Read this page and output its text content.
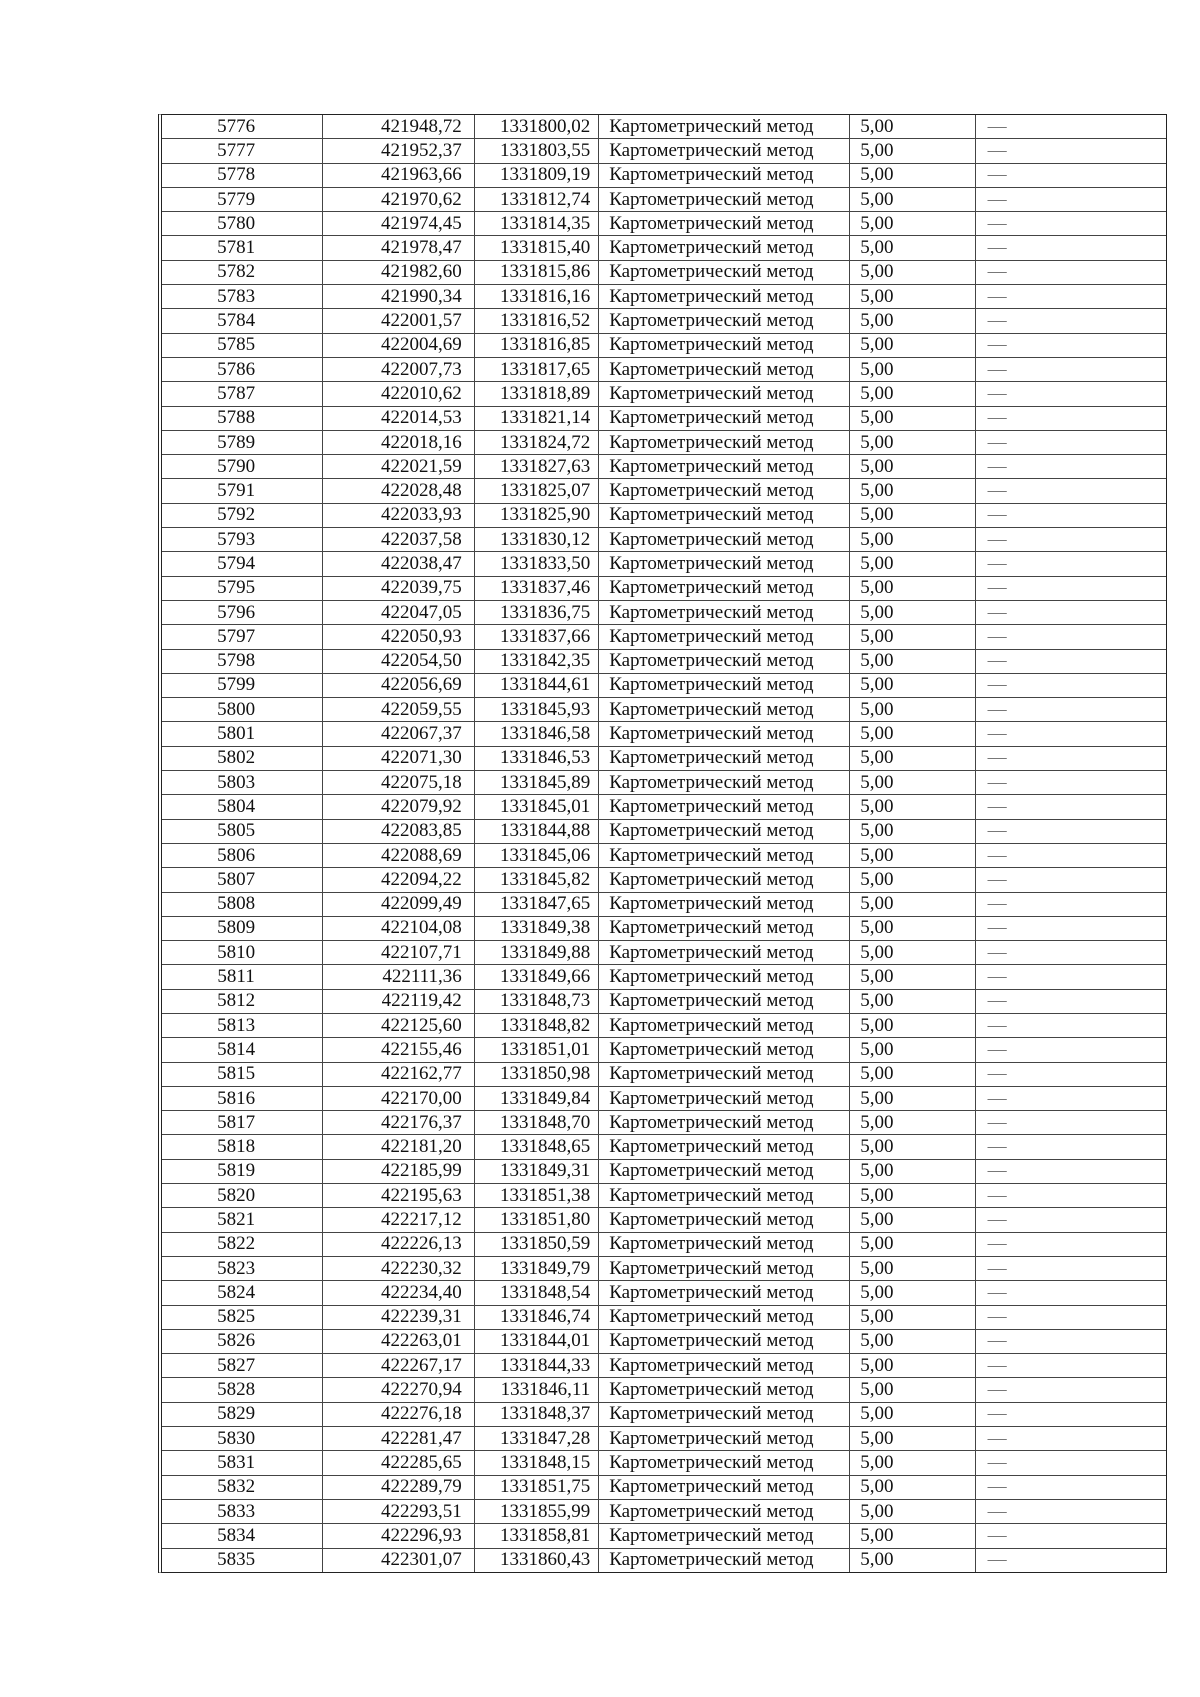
5776	421948,72	1331800,02	Картометрический метод	5,00	—
5777	421952,37	1331803,55	Картометрический метод	5,00	—
5778	421963,66	1331809,19	Картометрический метод	5,00	—
5779	421970,62	1331812,74	Картометрический метод	5,00	—
5780	421974,45	1331814,35	Картометрический метод	5,00	—
5781	421978,47	1331815,40	Картометрический метод	5,00	—
5782	421982,60	1331815,86	Картометрический метод	5,00	—
5783	421990,34	1331816,16	Картометрический метод	5,00	—
5784	422001,57	1331816,52	Картометрический метод	5,00	—
5785	422004,69	1331816,85	Картометрический метод	5,00	—
5786	422007,73	1331817,65	Картометрический метод	5,00	—
5787	422010,62	1331818,89	Картометрический метод	5,00	—
5788	422014,53	1331821,14	Картометрический метод	5,00	—
5789	422018,16	1331824,72	Картометрический метод	5,00	—
5790	422021,59	1331827,63	Картометрический метод	5,00	—
5791	422028,48	1331825,07	Картометрический метод	5,00	—
5792	422033,93	1331825,90	Картометрический метод	5,00	—
5793	422037,58	1331830,12	Картометрический метод	5,00	—
5794	422038,47	1331833,50	Картометрический метод	5,00	—
5795	422039,75	1331837,46	Картометрический метод	5,00	—
5796	422047,05	1331836,75	Картометрический метод	5,00	—
5797	422050,93	1331837,66	Картометрический метод	5,00	—
5798	422054,50	1331842,35	Картометрический метод	5,00	—
5799	422056,69	1331844,61	Картометрический метод	5,00	—
5800	422059,55	1331845,93	Картометрический метод	5,00	—
5801	422067,37	1331846,58	Картометрический метод	5,00	—
5802	422071,30	1331846,53	Картометрический метод	5,00	—
5803	422075,18	1331845,89	Картометрический метод	5,00	—
5804	422079,92	1331845,01	Картометрический метод	5,00	—
5805	422083,85	1331844,88	Картометрический метод	5,00	—
5806	422088,69	1331845,06	Картометрический метод	5,00	—
5807	422094,22	1331845,82	Картометрический метод	5,00	—
5808	422099,49	1331847,65	Картометрический метод	5,00	—
5809	422104,08	1331849,38	Картометрический метод	5,00	—
5810	422107,71	1331849,88	Картометрический метод	5,00	—
5811	422111,36	1331849,66	Картометрический метод	5,00	—
5812	422119,42	1331848,73	Картометрический метод	5,00	—
5813	422125,60	1331848,82	Картометрический метод	5,00	—
5814	422155,46	1331851,01	Картометрический метод	5,00	—
5815	422162,77	1331850,98	Картометрический метод	5,00	—
5816	422170,00	1331849,84	Картометрический метод	5,00	—
5817	422176,37	1331848,70	Картометрический метод	5,00	—
5818	422181,20	1331848,65	Картометрический метод	5,00	—
5819	422185,99	1331849,31	Картометрический метод	5,00	—
5820	422195,63	1331851,38	Картометрический метод	5,00	—
5821	422217,12	1331851,80	Картометрический метод	5,00	—
5822	422226,13	1331850,59	Картометрический метод	5,00	—
5823	422230,32	1331849,79	Картометрический метод	5,00	—
5824	422234,40	1331848,54	Картометрический метод	5,00	—
5825	422239,31	1331846,74	Картометрический метод	5,00	—
5826	422263,01	1331844,01	Картометрический метод	5,00	—
5827	422267,17	1331844,33	Картометрический метод	5,00	—
5828	422270,94	1331846,11	Картометрический метод	5,00	—
5829	422276,18	1331848,37	Картометрический метод	5,00	—
5830	422281,47	1331847,28	Картометрический метод	5,00	—
5831	422285,65	1331848,15	Картометрический метод	5,00	—
5832	422289,79	1331851,75	Картометрический метод	5,00	—
5833	422293,51	1331855,99	Картометрический метод	5,00	—
5834	422296,93	1331858,81	Картометрический метод	5,00	—
5835	422301,07	1331860,43	Картометрический метод	5,00	—
